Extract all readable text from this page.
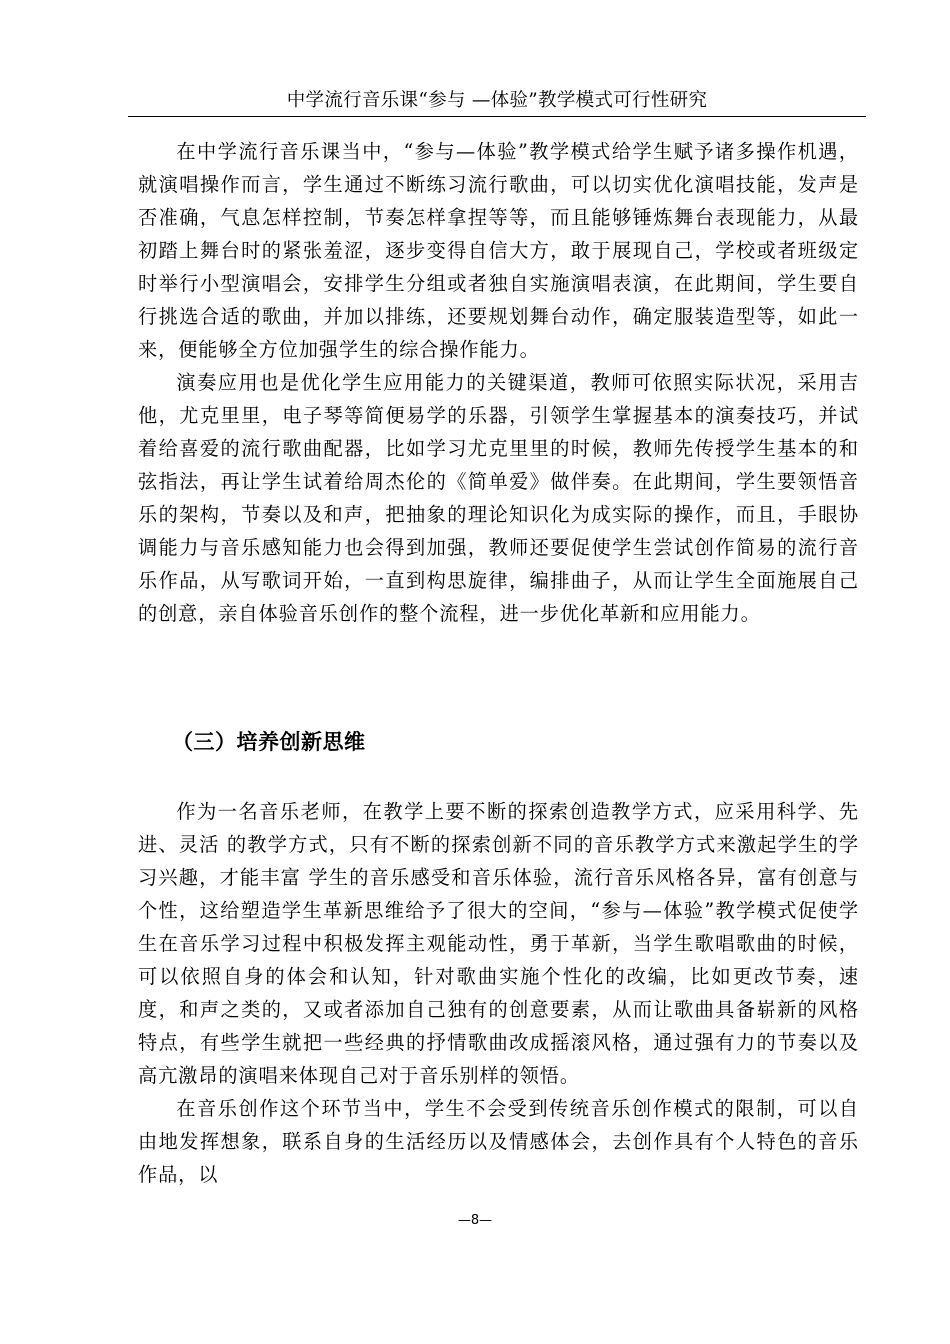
中学流行音乐课“参与 —体验”教学模式可行性研究

在中学流行音乐课当中，“参与—体验”教学模式给学生赋予诸多操作机遇，就演唱操作而言，学生通过不断练习流行歌曲，可以切实优化演唱技能，发声是否准确，气息怎样控制，节奏怎样拿捏等等，而且能够锤炼舞台表现能力，从最初踏上舞台时的紧张羞涩，逐步变得自信大方，敢于展现自己，学校或者班级定时举行小型演唱会，安排学生分组或者独自实施演唱表演，在此期间，学生要自行挑选合适的歌曲，并加以排练，还要规划舞台动作，确定服装造型等，如此一来，便能够全方位加强学生的综合操作能力。

演奏应用也是优化学生应用能力的关键渠道，教师可依照实际状况，采用吉他，尤克里里，电子琴等简便易学的乐器，引领学生掌握基本的演奏技巧，并试着给喜爱的流行歌曲配器，比如学习尤克里里的时候，教师先传授学生基本的和弦指法，再让学生试着给周杰伦的《简单爱》做伴奏。在此期间，学生要领悟音乐的架构，节奏以及和声，把抽象的理论知识化为成实际的操作，而且，手眼协调能力与音乐感知能力也会得到加强，教师还要促使学生尝试创作简易的流行音乐作品，从写歌词开始，一直到构思旋律，编排曲子，从而让学生全面施展自己的创意，亲自体验音乐创作的整个流程，进一步优化革新和应用能力。

（三）培养创新思维

作为一名音乐老师，在教学上要不断的探索创造教学方式，应采用科学、先进、灵活 的教学方式，只有不断的探索创新不同的音乐教学方式来激起学生的学习兴趣，才能丰富 学生的音乐感受和音乐体验，流行音乐风格各异，富有创意与个性，这给塑造学生革新思维给予了很大的空间，“参与—体验”教学模式促使学生在音乐学习过程中积极发挥主观能动性，勇于革新，当学生歌唱歌曲的时候，可以依照自身的体会和认知，针对歌曲实施个性化的改编，比如更改节奏，速度，和声之类的，又或者添加自己独有的创意要素，从而让歌曲具备崭新的风格特点，有些学生就把一些经典的抒情歌曲改成摇滚风格，通过强有力的节奏以及高亢激昂的演唱来体现自己对于音乐别样的领悟。

在音乐创作这个环节当中，学生不会受到传统音乐创作模式的限制，可以自由地发挥想象，联系自身的生活经历以及情感体会，去创作具有个人特色的音乐作品，以

—8—
